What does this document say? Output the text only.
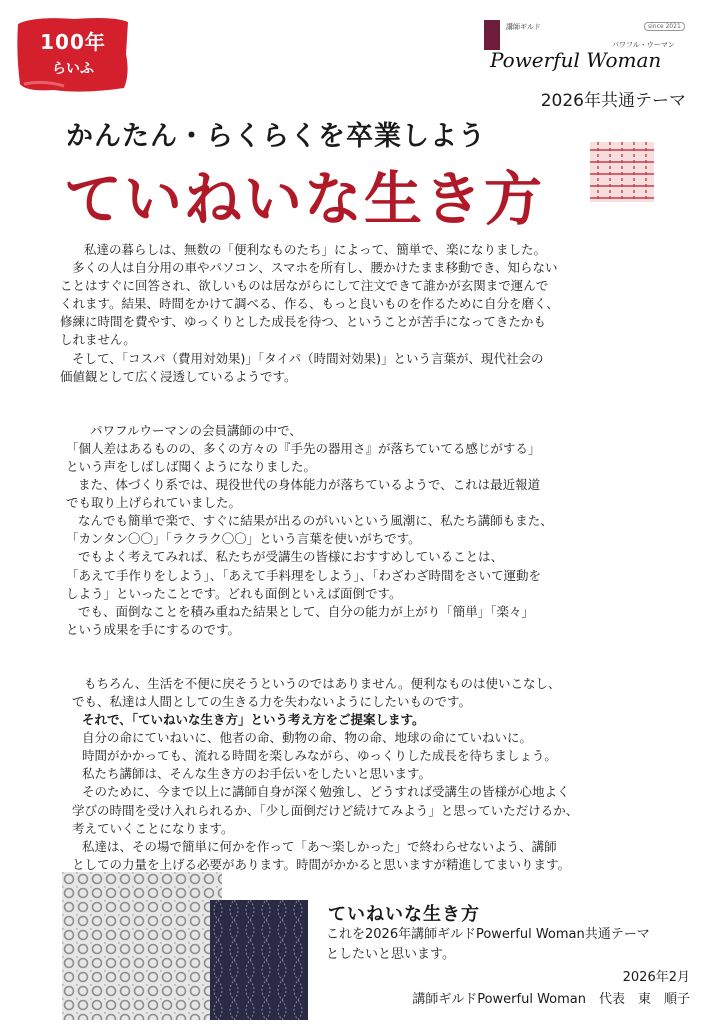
100年
らいふ
講師ギルド	since 2021
パワフル・ウーマン
Powerful Woman
2026年共通テーマ
かんたん・らくらくを卒業しよう
ていねいな生き方

私達の暮らしは、無数の「便利なものたち」によって、簡単で、楽になりました。

多くの人は自分用の車やパソコン、スマホを所有し、腰かけたまま移動でき、知らない

ことはすぐに回答され、欲しいものは居ながらにして注文できて誰かが玄関まで運んで

くれます。結果、時間をかけて調べる、作る、もっと良いものを作るために自分を磨く、

修練に時間を費やす、ゆっくりとした成長を待つ、ということが苦手になってきたかも

しれません。

そして、「コスパ（費用対効果)」「タイパ（時間対効果)」という言葉が、現代社会の

価値観として広く浸透しているようです。

パワフルウーマンの会員講師の中で、

「個人差はあるものの、多くの方々の『手先の器用さ』が落ちていてる感じがする」

という声をしばしば聞くようになりました。

また、体づくり系では、現役世代の身体能力が落ちているようで、これは最近報道

でも取り上げられていました。

なんでも簡単で楽で、すぐに結果が出るのがいいという風潮に、私たち講師もまた、

「カンタン〇〇」「ラクラク〇〇」という言葉を使いがちです。

でもよく考えてみれば、私たちが受講生の皆様におすすめしていることは、

「あえて手作りをしよう」、「あえて手料理をしよう」、「わざわざ時間をさいて運動を

しよう」といったことです。どれも面倒といえば面倒です。

でも、面倒なことを積み重ねた結果として、自分の能力が上がり「簡単」「楽々」

という成果を手にするのです。

もちろん、生活を不便に戻そうというのではありません。便利なものは使いこなし、

でも、私達は人間としての生きる力を失わないようにしたいものです。

それで、「ていねいな生き方」という考え方をご提案します。

自分の命にていねいに、他者の命、動物の命、物の命、地球の命にていねいに。

時間がかかっても、流れる時間を楽しみながら、ゆっくりした成長を待ちましょう。

私たち講師は、そんな生き方のお手伝いをしたいと思います。

そのために、今まで以上に講師自身が深く勉強し、どうすれば受講生の皆様が心地よく

学びの時間を受け入れられるか、「少し面倒だけど続けてみよう」と思っていただけるか、

考えていくことになります。

私達は、その場で簡単に何かを作って「あ〜楽しかった」で終わらせないよう、講師

としての力量を上げる必要があります。時間がかかると思いますが精進してまいります。

ていねいな生き方

これを2026年講師ギルドPowerful Woman共通テーマ

としたいと思います。

2026年2月
講師ギルドPowerful Woman　代表　東　順子
